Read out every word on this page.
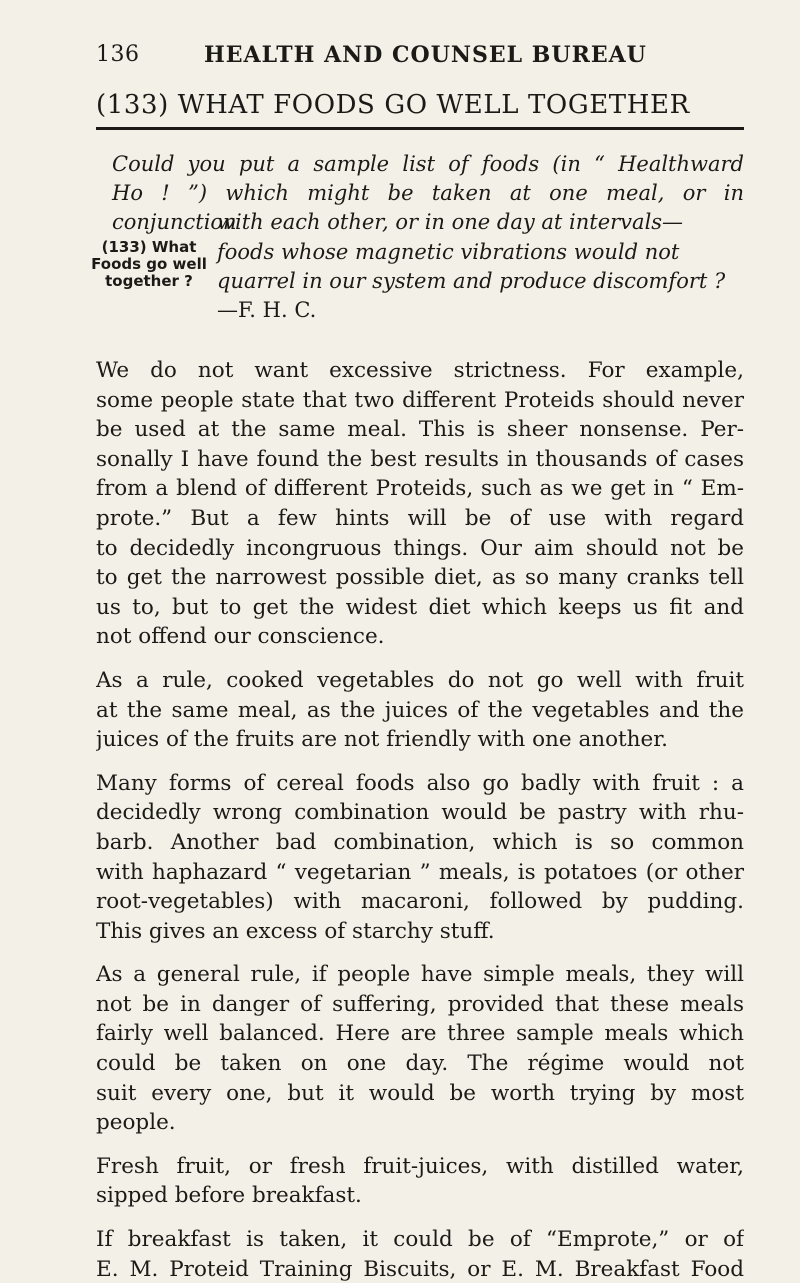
136	HEALTH AND COUNSEL BUREAU
(133) WHAT FOODS GO WELL TOGETHER
Could you put a sample list of foods (in “ Healthward
Ho ! ”) which might be taken at one meal, or in conjunction
with each other, or in one day at intervals—
foods whose magnetic vibrations would not
quarrel in our system and produce discomfort ?
—F. H. C.
(133) What
Foods go well
together ?

We do not want excessive strictness. For example,
some people state that two different Proteids should never
be used at the same meal. This is sheer nonsense. Per-
sonally I have found the best results in thousands of cases
from a blend of different Proteids, such as we get in “ Em-
prote.” But a few hints will be of use with regard
to decidedly incongruous things. Our aim should not be
to get the narrowest possible diet, as so many cranks tell
us to, but to get the widest diet which keeps us fit and
not offend our conscience.

As a rule, cooked vegetables do not go well with fruit
at the same meal, as the juices of the vegetables and the
juices of the fruits are not friendly with one another.

Many forms of cereal foods also go badly with fruit : a
decidedly wrong combination would be pastry with rhu-
barb. Another bad combination, which is so common
with haphazard “ vegetarian ” meals, is potatoes (or other
root-vegetables) with macaroni, followed by pudding.
This gives an excess of starchy stuff.

As a general rule, if people have simple meals, they will
not be in danger of suffering, provided that these meals
fairly well balanced. Here are three sample meals which
could be taken on one day. The régime would not
suit every one, but it would be worth trying by most
people.

Fresh fruit, or fresh fruit-juices, with distilled water,
sipped before breakfast.

If breakfast is taken, it could be of “Emprote,” or of
E. M. Proteid Training Biscuits, or E. M. Breakfast Food
